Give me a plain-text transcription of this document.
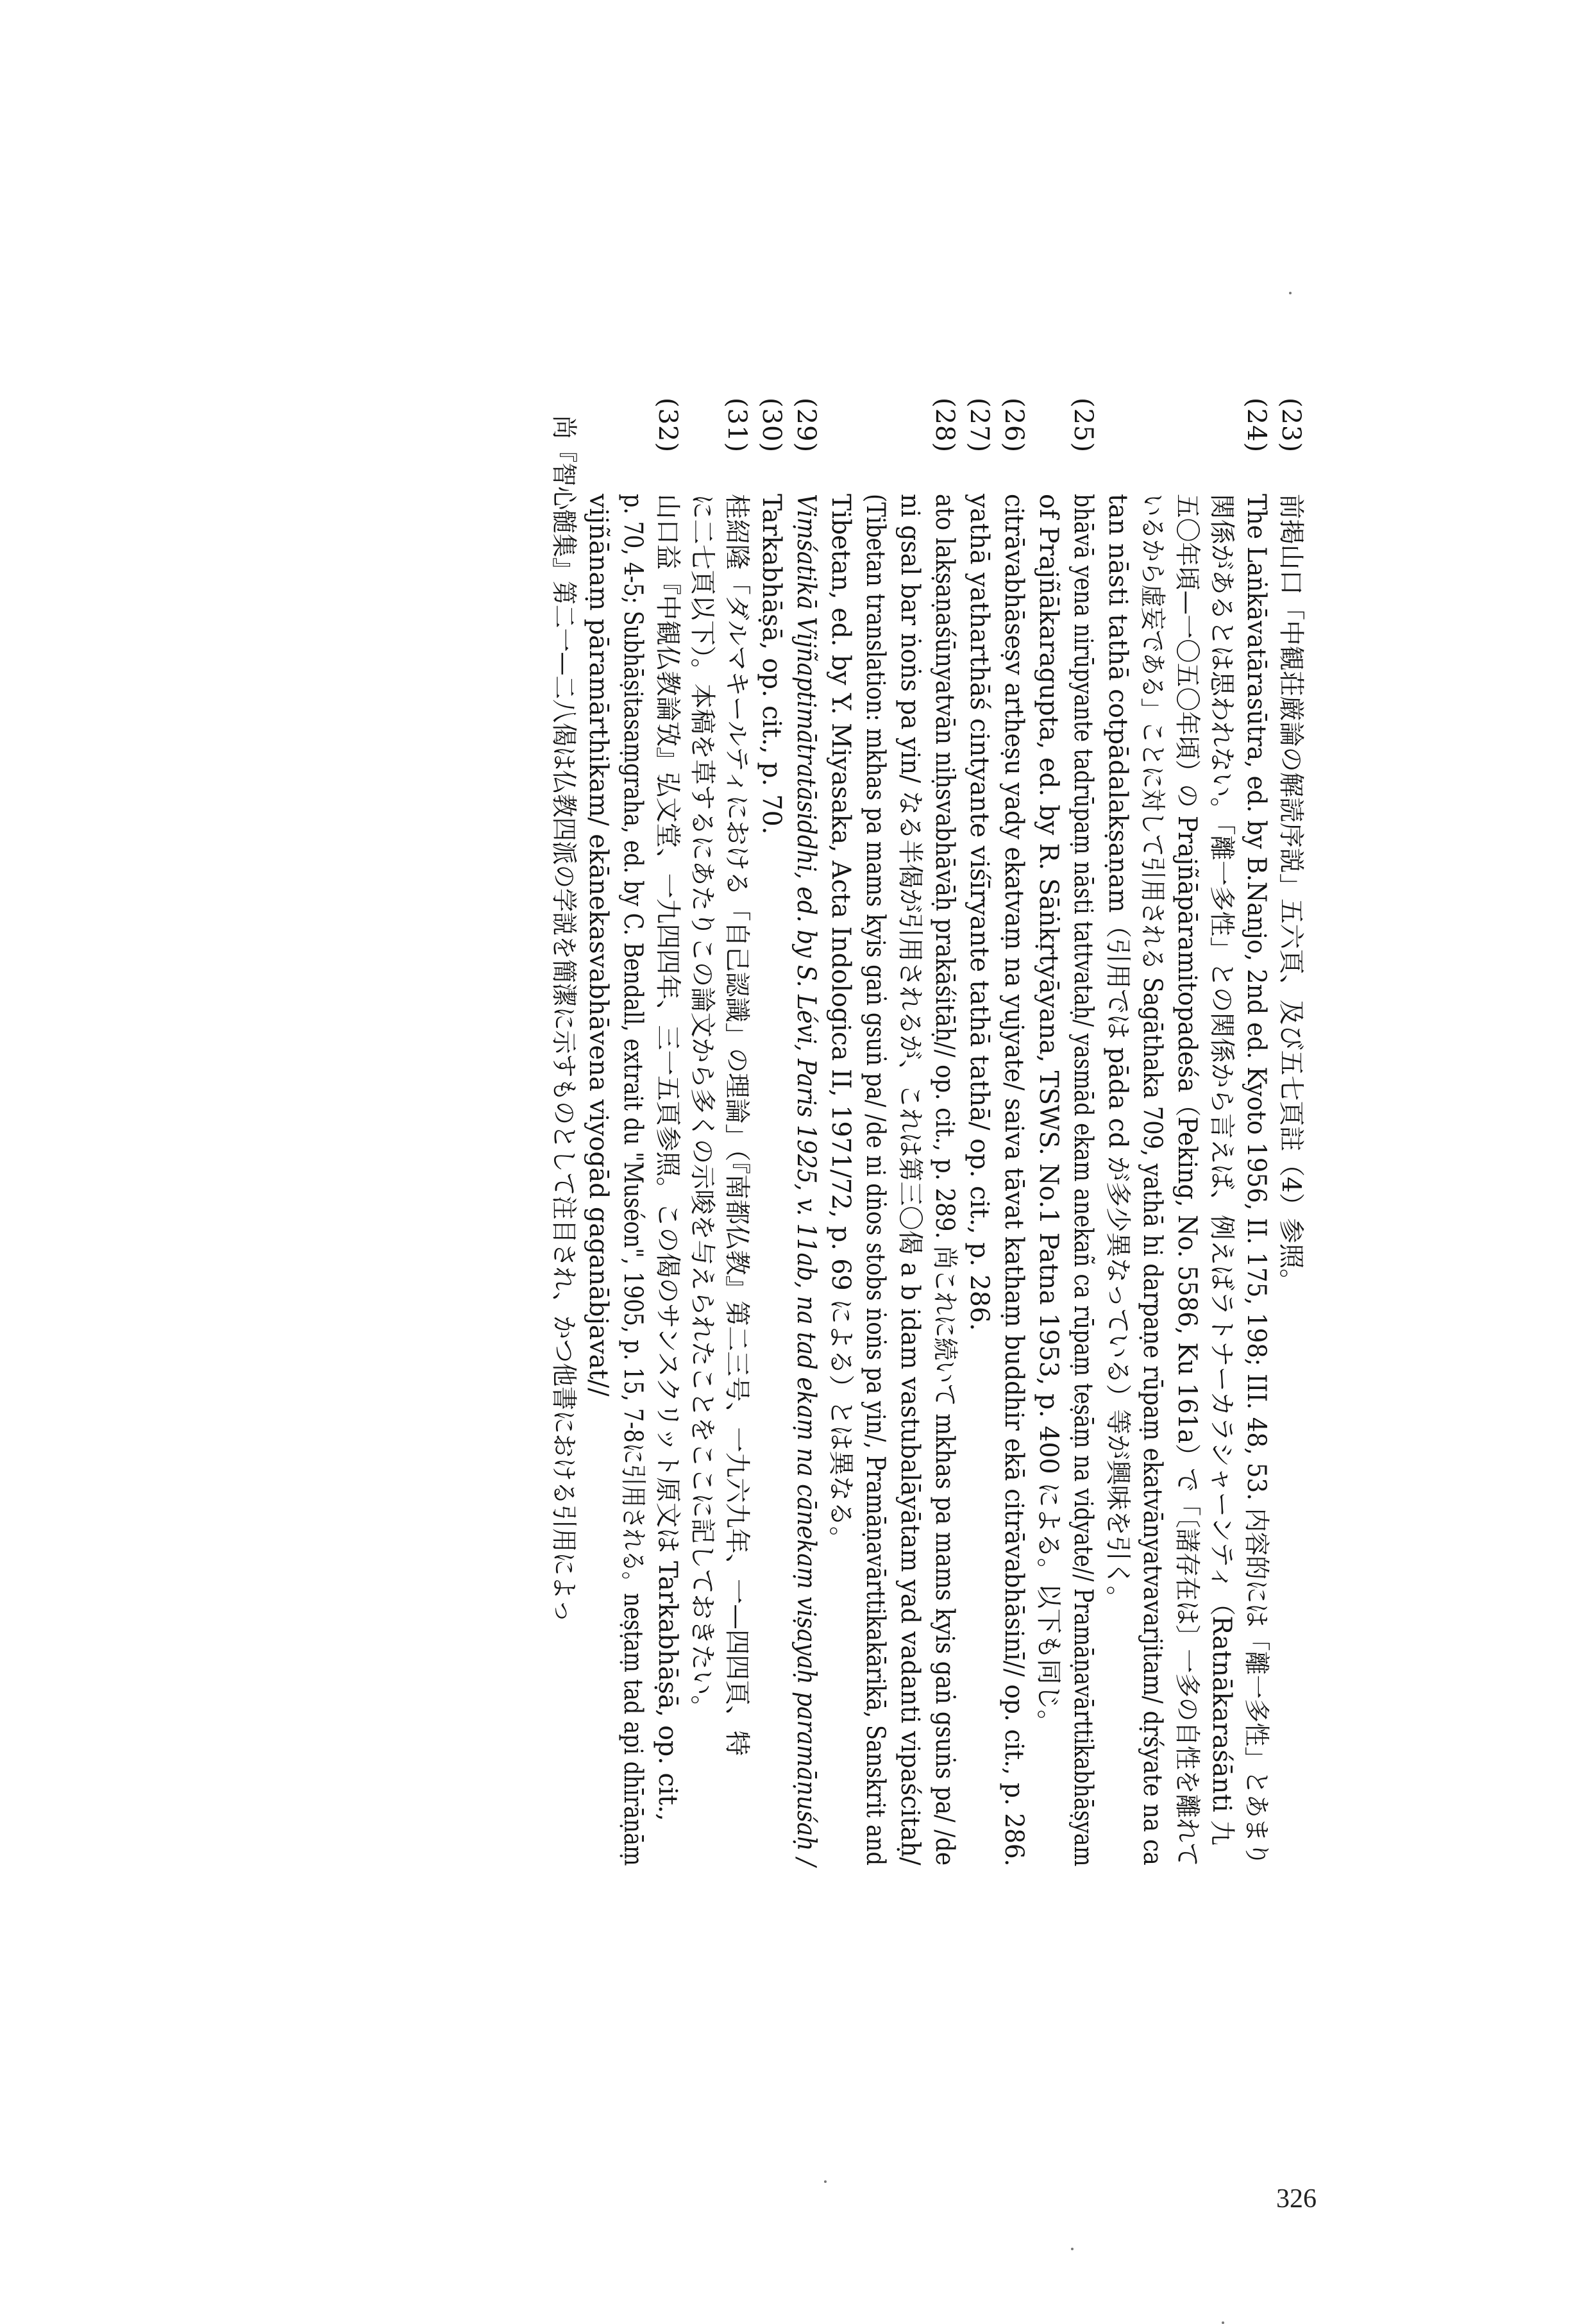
(23)

前掲山口「中観荘厳論の解読序説」五六頁、及び五七頁註（4）参照。

(24)

The Laṅkāvatārasūtra, ed. by B.Nanjo, 2nd ed. Kyoto 1956, II. 175, 198; III. 48, 53. 内容的には「離一多性」とあまり

関係があるとは思われない。「離一多性」との関係から言えば、例えばラトナーカラシャーンティ（Ratnākaraśānti 九

五〇年頃—一〇五〇年頃）の Prajñāpāramitopadeśa（Peking, No. 5586, Ku 161a）で「〔諸存在は〕一多の自性を離れて

いるから虚妄である」ことに対して引用される Sagāthaka 709, yathā hi darpaṇe rūpaṃ ekatvānyatvavarjitam/ dṛśyate na ca

tan nāsti tathā cotpādalakṣaṇam（引用では pāda cd が多少異なっている）等が興味を引く。

(25)

bhāvā yena nirūpyante tadrūpaṃ nāsti tattvataḥ/ yasmād ekam anekañ ca rūpaṃ teṣāṃ na vidyate// Pramāṇavārttikabhāṣyam

of Prajñākaragupta, ed. by R. Sāṅkṛtyāyana, TSWS. No.1 Patna 1953, p. 400 による。以下も同じ。

(26)

citrāvabhāseṣv artheṣu yady ekatvaṃ na yujyate/ saiva tāvat kathaṃ buddhir ekā citrāvabhāsinī// op. cit., p. 286.

(27)

yathā yatharthāś cintyante viśīryante tathā tathā/ op. cit., p. 286.

(28)

ato lakṣaṇaśūnyatvān niḥsvabhāvāḥ prakāśitāḥ// op. cit., p. 289. 尚これに続いて mkhas pa mams kyis gaṅ gsuṅs pa/ /de

ni gsal bar ṅoṅs pa yin/ なる半偈が引用されるが、これは第三〇偈 a b idam vastubalāyātam yad vadanti vipaścitaḥ/

(Tibetan translation: mkhas pa mams kyis gaṅ gsuṅ pa/ /de ni dṅos stobs ṅoṅs pa yin/, Pramāṇavārttikakārikā, Sanskrit and

Tibetan, ed. by Y. Miyasaka, Acta Indologica II, 1971/72, p. 69 による）とは異なる。

(29)

Viṃśatikā Vijñaptimātratāsiddhi, ed. by S. Lévi, Paris 1925, v. 11ab, na tad ekaṃ na cānekaṃ viṣayaḥ paramāṇuśaḥ /

(30)

Tarkabhāṣā, op. cit., p. 70.

(31)

桂紹隆「ダルマキールティにおける「自己認識」の理論」（『南都仏教』第二三号、一九六九年、一—四四頁、特

に二七頁以下）。本稿を草するにあたりこの論文から多くの示唆を与えられたことをここに記しておきたい。

(32)

山口益『中観仏教論攷』弘文堂、一九四四年、三一五頁参照。この偈のサンスクリット原文は Tarkabhāṣā, op. cit.,

p. 70, 4-5; Subhāṣitasaṃgraha, ed. by C. Bendall, extrait du "Muséon", 1905, p. 15, 7-8に引用される。neṣṭaṃ tad api dhīrāṇāṃ

vijñānaṃ pāramārthikam/ ekānekasvabhāvena viyogād gaganābjavat//

尚『智心髄集』第二一—二八偈は仏教四派の学説を簡潔に示すものとして注目され、かつ他書における引用によっ

326
